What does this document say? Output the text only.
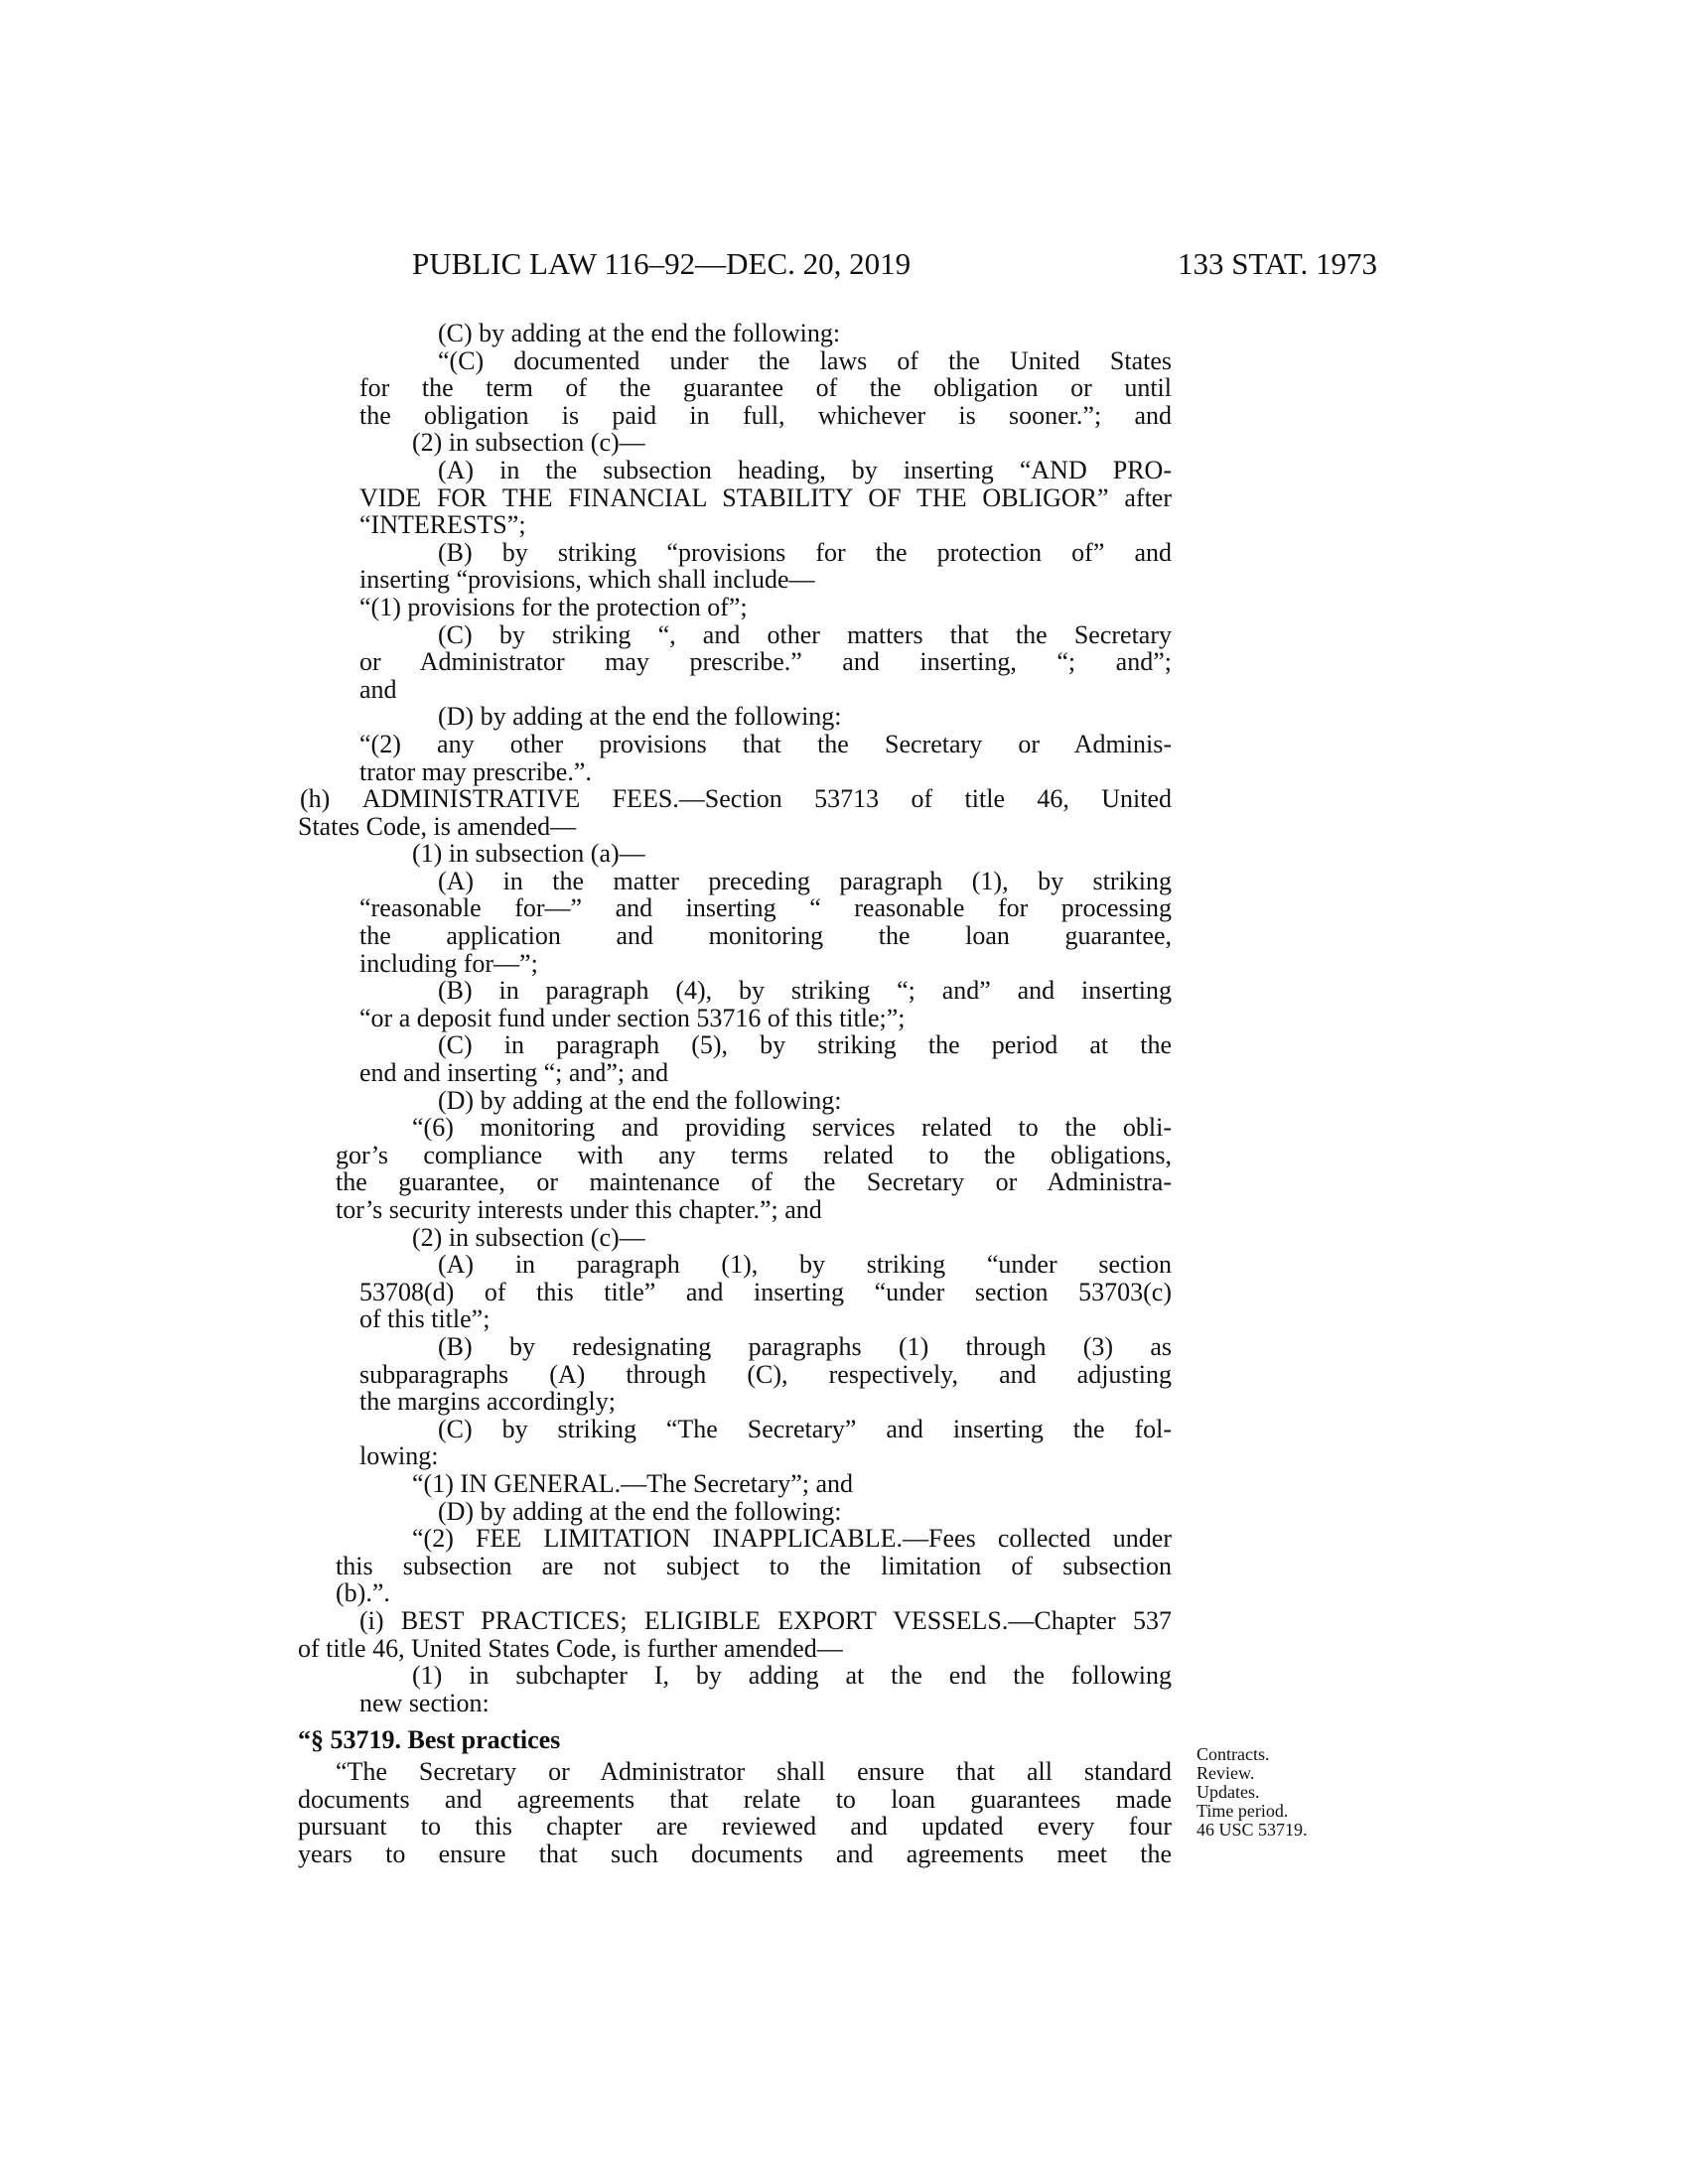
PUBLIC LAW 116–92—DEC. 20, 2019	133 STAT. 1973
(C) by adding at the end the following:
“(C) documented under the laws of the United States
for the term of the guarantee of the obligation or until
the obligation is paid in full, whichever is sooner.”; and
(2) in subsection (c)—
(A) in the subsection heading, by inserting “AND PRO-
VIDE FOR THE FINANCIAL STABILITY OF THE OBLIGOR” after
“INTERESTS”;
(B) by striking “provisions for the protection of” and
inserting “provisions, which shall include—
“(1) provisions for the protection of”;
(C) by striking “, and other matters that the Secretary
or Administrator may prescribe.” and inserting, “; and”;
and
(D) by adding at the end the following:
“(2) any other provisions that the Secretary or Adminis-
trator may prescribe.”.
(h) ADMINISTRATIVE FEES.—Section 53713 of title 46, United
States Code, is amended—
(1) in subsection (a)—
(A) in the matter preceding paragraph (1), by striking
“reasonable for—” and inserting “ reasonable for processing
the application and monitoring the loan guarantee,
including for—”;
(B) in paragraph (4), by striking “; and” and inserting
“or a deposit fund under section 53716 of this title;”;
(C) in paragraph (5), by striking the period at the
end and inserting “; and”; and
(D) by adding at the end the following:
“(6) monitoring and providing services related to the obli-
gor’s compliance with any terms related to the obligations,
the guarantee, or maintenance of the Secretary or Administra-
tor’s security interests under this chapter.”; and
(2) in subsection (c)—
(A) in paragraph (1), by striking “under section
53708(d) of this title” and inserting “under section 53703(c)
of this title”;
(B) by redesignating paragraphs (1) through (3) as
subparagraphs (A) through (C), respectively, and adjusting
the margins accordingly;
(C) by striking “The Secretary” and inserting the fol-
lowing:
“(1) IN GENERAL.—The Secretary”; and
(D) by adding at the end the following:
“(2) FEE LIMITATION INAPPLICABLE.—Fees collected under
this subsection are not subject to the limitation of subsection
(b).”.
(i) BEST PRACTICES; ELIGIBLE EXPORT VESSELS.—Chapter 537
of title 46, United States Code, is further amended—
(1) in subchapter I, by adding at the end the following
new section:
“§ 53719. Best practices
“The Secretary or Administrator shall ensure that all standard
documents and agreements that relate to loan guarantees made
pursuant to this chapter are reviewed and updated every four
years to ensure that such documents and agreements meet the
Contracts.
Review.
Updates.
Time period.
46 USC 53719.
